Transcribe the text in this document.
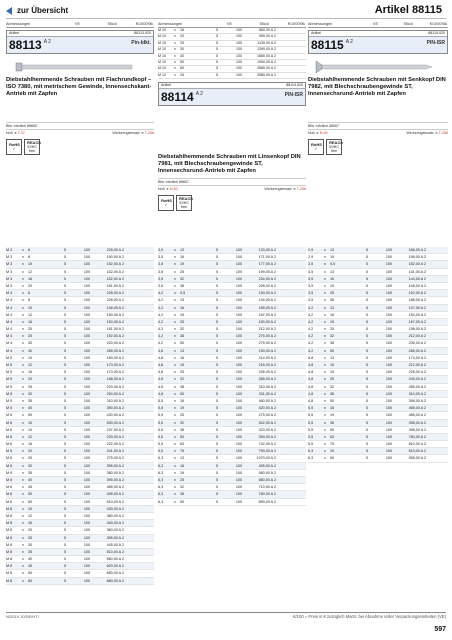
zur Übersicht	Artikel 88115
Abmessungen	VE	Stück	€/1000Stk.
Artikel	88113.020
88113 A 2	Pin-Idkt.
Diebstahlhemmende Schrauben mit Flachrundkopf – ISO 7380, mit metrischem Gewinde, Innensechskant-Antrieb mit Zapfen
Bits ➔Artikel 88665
Nuß ➔ T-37	Werkzeugeinsatz ➔ T-256
RoHS
✓
REACh
SVHC free
Abmessungen	VE	Stück	€/1000Stk.
M 10	x	16	5	100	860,00 A 2
M 10	x	20	5	100	950,00 A 2
M 10	x	25	5	100	1130,00 A 2
M 10	x	30	5	100	1390,00 A 2
M 10	x	40	5	100	1680,00 A 2
M 10	x	50	5	100	1990,00 A 2
M 10	x	60	5	100	2680,00 A 2
M 12	x	25	5	100	3580,00 A 2
Artikel	88114.020
88114 A 2	PIN-ISR
Diebstahlhemmende Schrauben mit Linsenkopf DIN 7981, mit Blechschraubengewinde ST, Innensechsrund-Antrieb mit Zapfen
Bits ➔Artikel 88667
Nuß ➔ N-40	Werkzeugeinsatz ➔ T-256
RoHS
✓
REACh
SVHC free
Abmessungen	VE	Stück	€/1000Stk.
Artikel	88115.020
88115 A 2	PIN-ISR
Diebstahlhemmende Schrauben mit Senkkopf DIN 7982, mit Blechschraubengewinde ST, Innensechsrund-Antrieb mit Zapfen
Bits ➔Artikel 88667
Nuß ➔ N-40	Werkzeugeinsatz ➔ T-256
RoHS
✓
REACh
SVHC free
M 3	x	6	5	100	228,00 A 2
M 3	x	8	5	100	190,00 A 2
M 3	x	10	5	100	152,00 A 2
M 3	x	12	5	100	152,00 A 2
M 3	x	16	5	100	152,00 A 2
M 3	x	20	5	100	161,00 A 2
M 4	x	6	5	100	228,00 A 2
M 4	x	8	5	100	228,00 A 2
M 4	x	10	5	100	146,00 A 2
M 4	x	12	5	100	150,00 A 2
M 4	x	16	5	100	150,00 A 2
M 4	x	20	5	100	161,00 A 2
M 4	x	25	5	100	192,00 A 2
M 4	x	30	5	100	220,00 A 2
M 4	x	40	5	100	285,00 A 2
M 5	x	10	5	100	160,00 A 2
M 5	x	12	5	100	173,00 A 2
M 5	x	16	5	100	173,00 A 2
M 5	x	20	5	100	188,00 A 2
M 5	x	25	5	100	220,00 A 2
M 5	x	30	5	100	250,00 A 2
M 5	x	35	5	100	310,00 A 2
M 5	x	40	5	100	390,00 A 2
M 5	x	50	5	100	430,00 A 2
M 6	x	10	5	100	530,00 A 2
M 6	x	10	5	100	237,00 A 2
M 6	x	12	5	100	220,00 A 2
M 6	x	16	5	100	222,00 A 2
M 6	x	20	5	100	241,00 A 2
M 6	x	25	5	100	275,00 A 2
M 6	x	30	5	100	395,00 A 2
M 6	x	35	5	100	380,00 A 2
M 6	x	40	5	100	395,00 A 2
M 6	x	45	5	100	465,00 A 2
M 6	x	50	5	100	495,00 A 2
M 6	x	60	5	100	610,00 A 2
M 8	x	10	5	100	430,00 A 2
M 8	x	12	5	100	380,00 A 2
M 8	x	16	5	100	340,00 A 2
M 8	x	20	5	100	360,00 A 2
M 8	x	25	5	100	395,00 A 2
M 8	x	30	5	100	445,00 A 2
M 8	x	35	5	100	510,00 A 2
M 8	x	40	5	100	560,00 A 2
M 8	x	45	5	100	620,00 A 2
M 8	x	50	5	100	650,00 A 2
M 8	x	60	5	100	880,00 A 2
3,5	x	13	5	100	133,00 A 2
3,5	x	16	5	100	171,00 A 2
3,5	x	19	5	100	177,00 A 2
3,5	x	25	5	100	199,00 A 2
3,5	x	32	5	100	234,00 A 2
3,5	x	38	5	100	228,00 A 2
4,2	x	9,5	5	100	150,00 A 2
4,2	x	13	5	100	144,00 A 2
4,2	x	16	5	100	165,00 A 2
4,2	x	19	5	100	167,00 A 2
4,2	x	25	5	100	190,00 A 2
4,2	x	32	5	100	212,00 A 2
4,2	x	38	5	100	275,00 A 2
4,2	x	50	5	100	275,00 A 2
4,8	x	13	5	100	190,00 A 2
4,8	x	16	5	100	214,00 A 2
4,8	x	19	5	100	216,00 A 2
4,8	x	25	5	100	245,00 A 2
4,8	x	32	5	100	285,00 A 2
4,8	x	38	5	100	310,00 A 2
4,8	x	50	5	100	331,00 A 2
5,5	x	16	5	100	460,00 A 2
5,5	x	19	5	100	420,00 A 2
5,5	x	25	5	100	275,00 A 2
5,5	x	32	5	100	542,00 A 2
5,5	x	38	5	100	323,00 A 2
5,5	x	50	5	100	390,00 A 2
5,5	x	63	5	100	742,00 A 2
5,5	x	75	5	100	790,00 A 2
6,3	x	13	5	100	1070,00 A 2
6,3	x	16	5	100	495,00 A 2
6,3	x	19	5	100	580,00 A 2
6,3	x	25	5	100	660,00 A 2
6,3	x	32	5	100	710,00 A 2
6,3	x	38	5	100	760,00 A 2
6,3	x	50	5	100	890,00 A 2
2,9	x	13	5	100	188,00 A 2
2,9	x	19	5	100	198,00 A 2
3,5	x	9,5	5	100	152,00 A 2
3,5	x	13	5	100	141,00 A 2
3,5	x	16	5	100	144,00 A 2
3,5	x	19	5	100	148,00 A 2
3,5	x	25	5	100	152,00 A 2
3,5	x	38	5	100	188,00 A 2
4,2	x	13	5	100	137,00 A 2
4,2	x	16	5	100	154,00 A 2
4,2	x	19	5	100	167,00 A 2
4,2	x	25	5	100	198,00 A 2
4,2	x	32	5	100	212,00 A 2
4,2	x	38	5	100	235,00 A 2
4,2	x	50	5	100	285,00 A 2
4,8	x	13	5	100	174,00 A 2
4,8	x	16	5	100	212,00 A 2
4,8	x	19	5	100	228,00 A 2
4,8	x	25	5	100	245,00 A 2
4,8	x	32	5	100	285,00 A 2
4,8	x	38	5	100	310,00 A 2
4,8	x	50	5	100	398,00 A 2
5,5	x	16	5	100	465,00 A 2
5,5	x	19	5	100	485,00 A 2
5,5	x	38	5	100	398,00 A 2
5,5	x	50	5	100	398,00 A 2
5,5	x	63	5	100	780,00 A 2
5,5	x	75	5	100	810,00 A 2
6,3	x	19	5	100	610,00 A 2
6,3	x	50	5	100	958,00 A 2
N/2019.10/DE/HTI	€/100 = Preis in € zuzüglich MwSt. bei Abnahme voller Verpackungseinheiten (VE)
597
